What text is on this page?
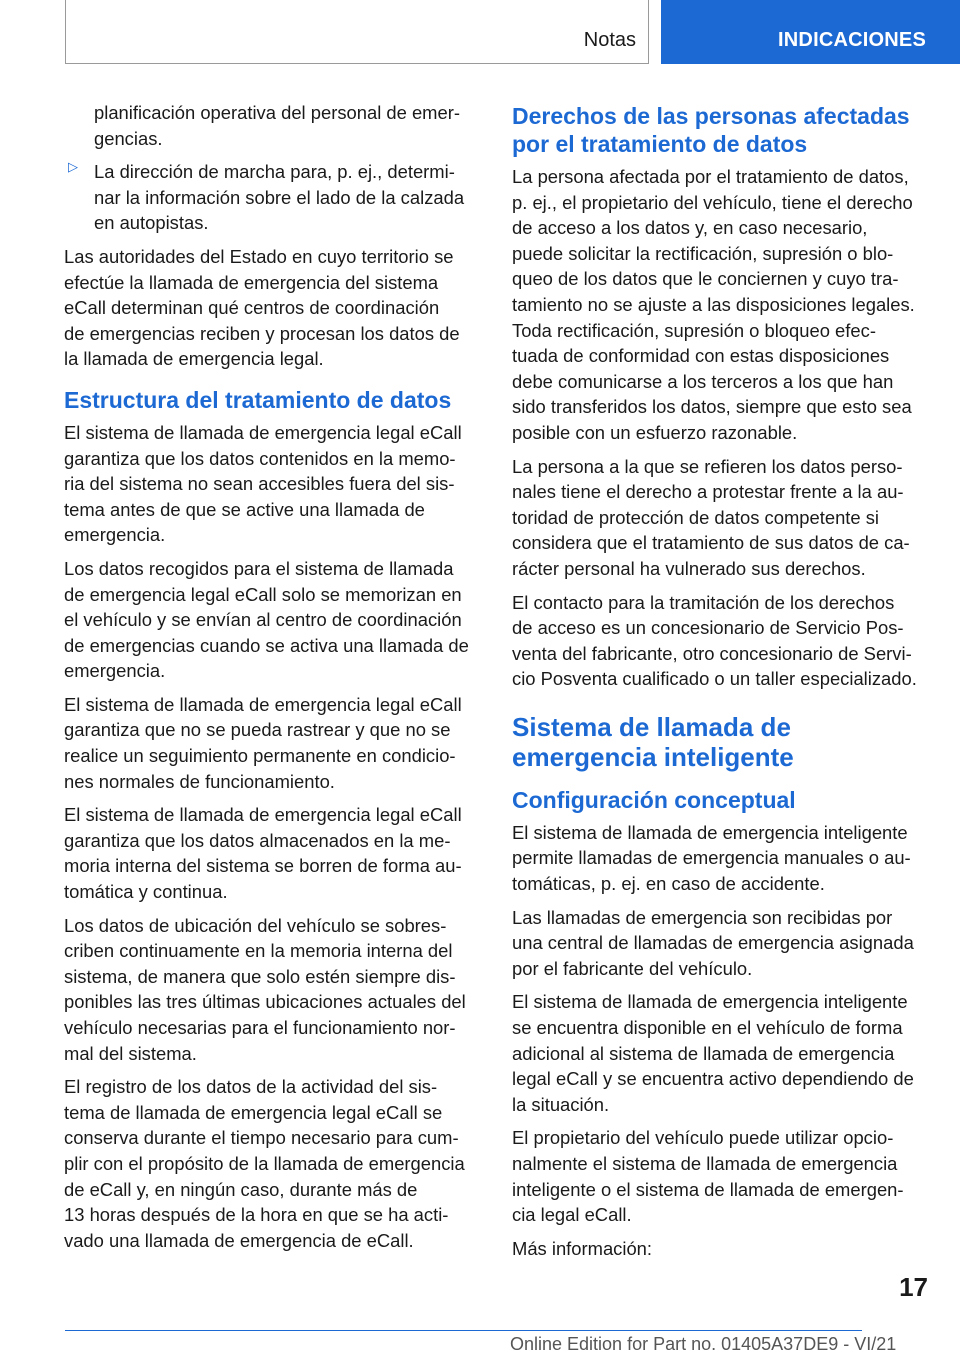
Notas	INDICACIONES

planificación operativa del personal de emer‐
gencias.

▷ La dirección de marcha para, p. ej., determi‐
nar la información sobre el lado de la calzada
en autopistas.

Las autoridades del Estado en cuyo territorio se
efectúe la llamada de emergencia del sistema
eCall determinan qué centros de coordinación
de emergencias reciben y procesan los datos de
la llamada de emergencia legal.

Estructura del tratamiento de datos

El sistema de llamada de emergencia legal eCall
garantiza que los datos contenidos en la memo‐
ria del sistema no sean accesibles fuera del sis‐
tema antes de que se active una llamada de
emergencia.

Los datos recogidos para el sistema de llamada
de emergencia legal eCall solo se memorizan en
el vehículo y se envían al centro de coordinación
de emergencias cuando se activa una llamada de
emergencia.

El sistema de llamada de emergencia legal eCall
garantiza que no se pueda rastrear y que no se
realice un seguimiento permanente en condicio‐
nes normales de funcionamiento.

El sistema de llamada de emergencia legal eCall
garantiza que los datos almacenados en la me‐
moria interna del sistema se borren de forma au‐
tomática y continua.

Los datos de ubicación del vehículo se sobres‐
criben continuamente en la memoria interna del
sistema, de manera que solo estén siempre dis‐
ponibles las tres últimas ubicaciones actuales del
vehículo necesarias para el funcionamiento nor‐
mal del sistema.

El registro de los datos de la actividad del sis‐
tema de llamada de emergencia legal eCall se
conserva durante el tiempo necesario para cum‐
plir con el propósito de la llamada de emergencia
de eCall y, en ningún caso, durante más de
13 horas después de la hora en que se ha acti‐
vado una llamada de emergencia de eCall.

Derechos de las personas afectadas
por el tratamiento de datos

La persona afectada por el tratamiento de datos,
p. ej., el propietario del vehículo, tiene el derecho
de acceso a los datos y, en caso necesario,
puede solicitar la rectificación, supresión o blo‐
queo de los datos que le conciernen y cuyo tra‐
tamiento no se ajuste a las disposiciones legales.
Toda rectificación, supresión o bloqueo efec‐
tuada de conformidad con estas disposiciones
debe comunicarse a los terceros a los que han
sido transferidos los datos, siempre que esto sea
posible con un esfuerzo razonable.

La persona a la que se refieren los datos perso‐
nales tiene el derecho a protestar frente a la au‐
toridad de protección de datos competente si
considera que el tratamiento de sus datos de ca‐
rácter personal ha vulnerado sus derechos.

El contacto para la tramitación de los derechos
de acceso es un concesionario de Servicio Pos‐
venta del fabricante, otro concesionario de Servi‐
cio Posventa cualificado o un taller especializado.

Sistema de llamada de
emergencia inteligente
Configuración conceptual

El sistema de llamada de emergencia inteligente
permite llamadas de emergencia manuales o au‐
tomáticas, p. ej. en caso de accidente.

Las llamadas de emergencia son recibidas por
una central de llamadas de emergencia asignada
por el fabricante del vehículo.

El sistema de llamada de emergencia inteligente
se encuentra disponible en el vehículo de forma
adicional al sistema de llamada de emergencia
legal eCall y se encuentra activo dependiendo de
la situación.

El propietario del vehículo puede utilizar opcio‐
nalmente el sistema de llamada de emergencia
inteligente o el sistema de llamada de emergen‐
cia legal eCall.

Más información:

17
Online Edition for Part no. 01405A37DE9 - VI/21
